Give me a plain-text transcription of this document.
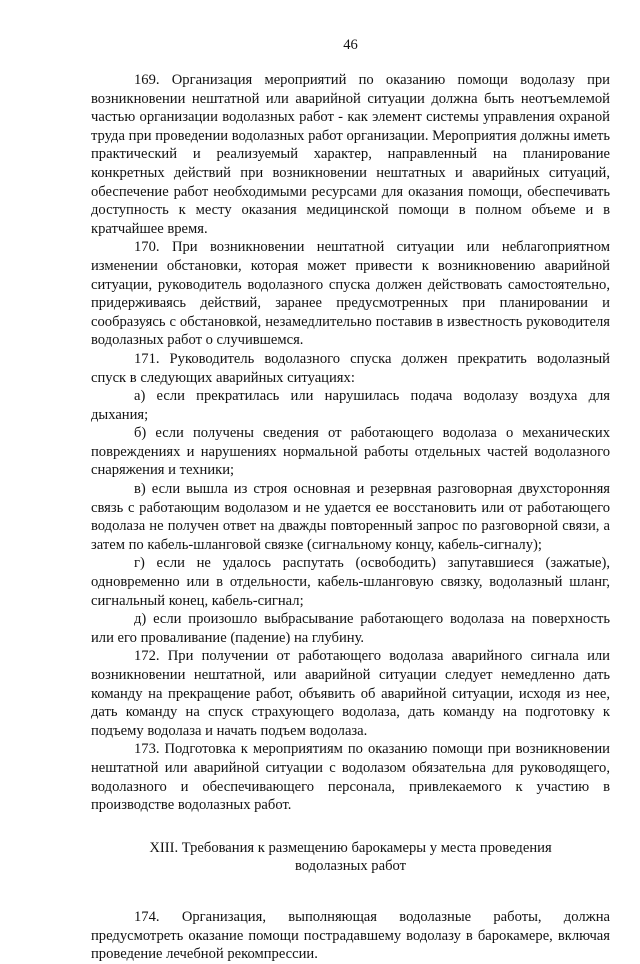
46

169. Организация мероприятий по оказанию помощи водолазу при возникновении нештатной или аварийной ситуации должна быть неотъемлемой частью организации водолазных работ - как элемент системы управления охраной труда при проведении водолазных работ организации. Мероприятия должны иметь практический и реализуемый характер, направленный на планирование конкретных действий при возникновении нештатных и аварийных ситуаций, обеспечение работ необходимыми ресурсами для оказания помощи, обеспечивать доступность к месту оказания медицинской помощи в полном объеме и в кратчайшее время.

170. При возникновении нештатной ситуации или неблагоприятном изменении обстановки, которая может привести к возникновению аварийной ситуации, руководитель водолазного спуска должен действовать самостоятельно, придерживаясь действий, заранее предусмотренных при планировании и сообразуясь с обстановкой, незамедлительно поставив в известность руководителя водолазных работ о случившемся.

171. Руководитель водолазного спуска должен прекратить водолазный спуск в следующих аварийных ситуациях:

а) если прекратилась или нарушилась подача водолазу воздуха для дыхания;

б) если получены сведения от работающего водолаза о механических повреждениях и нарушениях нормальной работы отдельных частей водолазного снаряжения и техники;

в) если вышла из строя основная и резервная разговорная двухсторонняя связь с работающим водолазом и не удается ее восстановить или от работающего водолаза не получен ответ на дважды повторенный запрос по разговорной связи, а затем по кабель-шланговой связке (сигнальному концу, кабель-сигналу);

г) если не удалось распутать (освободить) запутавшиеся (зажатые), одновременно или в отдельности, кабель-шланговую связку, водолазный шланг, сигнальный конец, кабель-сигнал;

д) если произошло выбрасывание работающего водолаза на поверхность или его проваливание (падение) на глубину.

172. При получении от работающего водолаза аварийного сигнала или возникновении нештатной, или аварийной ситуации следует немедленно дать команду на прекращение работ, объявить об аварийной ситуации, исходя из нее, дать команду на спуск страхующего водолаза, дать команду на подготовку к подъему водолаза и начать подъем водолаза.

173. Подготовка к мероприятиям по оказанию помощи при возникновении нештатной или аварийной ситуации с водолазом обязательна для руководящего, водолазного и обеспечивающего персонала, привлекаемого к участию в производстве водолазных работ.

XIII. Требования к размещению барокамеры у места проведения водолазных работ

174. Организация, выполняющая водолазные работы, должна предусмотреть оказание помощи пострадавшему водолазу в барокамере, включая проведение лечебной рекомпрессии.
